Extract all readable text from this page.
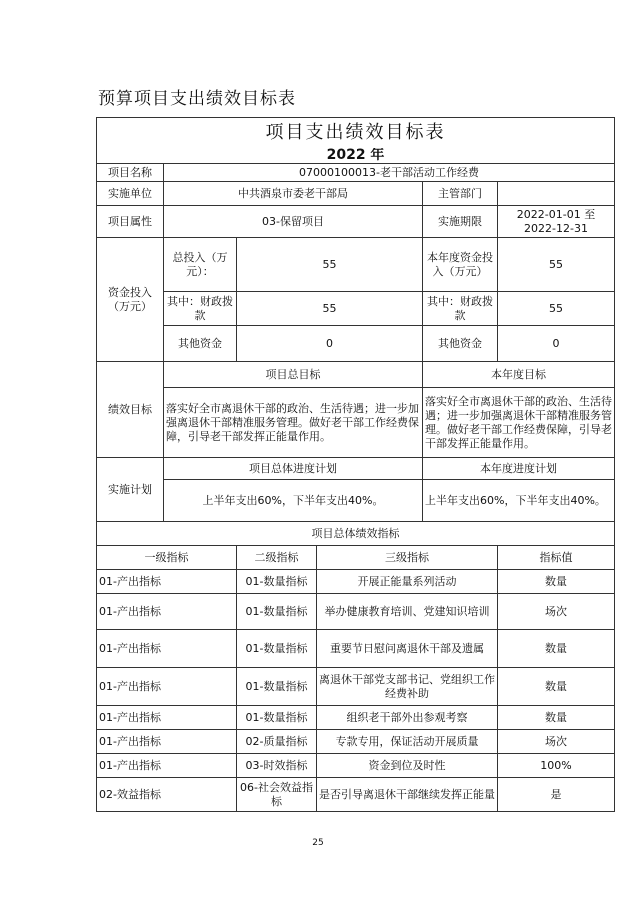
预算项目支出绩效目标表
项目支出绩效目标表					
2022 年					
项目名称	07000100013-老干部活动工作经费				
实施单位	中共酒泉市委老干部局			主管部门	
项目属性	03-保留项目			实施期限	2022-01-01 至 2022-12-31
资金投入（万元）	总投入（万元）：	55		本年度资金投入（万元）	55
	其中：财政拨款	55		其中：财政拨款	55
	其他资金	0		其他资金	0
绩效目标	项目总目标			本年度目标	
	落实好全市离退休干部的政治、生活待遇；进一步加强离退休干部精准服务管理。做好老干部工作经费保障，引导老干部发挥正能量作用。			落实好全市离退休干部的政治、生活待遇；进一步加强离退休干部精准服务管理。做好老干部工作经费保障，引导老干部发挥正能量作用。	
实施计划	项目总体进度计划			本年度进度计划	
	上半年支出60%，下半年支出40%。			上半年支出60%，下半年支出40%。	
项目总体绩效指标					
一级指标		二级指标	三级指标		指标值
01-产出指标		01-数量指标	开展正能量系列活动		数量
01-产出指标		01-数量指标	举办健康教育培训、党建知识培训		场次
01-产出指标		01-数量指标	重要节日慰问离退休干部及遗属		数量
01-产出指标		01-数量指标	离退休干部党支部书记、党组织工作经费补助		数量
01-产出指标		01-数量指标	组织老干部外出参观考察		数量
01-产出指标		02-质量指标	专款专用，保证活动开展质量		场次
01-产出指标		03-时效指标	资金到位及时性		100%
02-效益指标		06-社会效益指标	是否引导离退休干部继续发挥正能量		是
25
